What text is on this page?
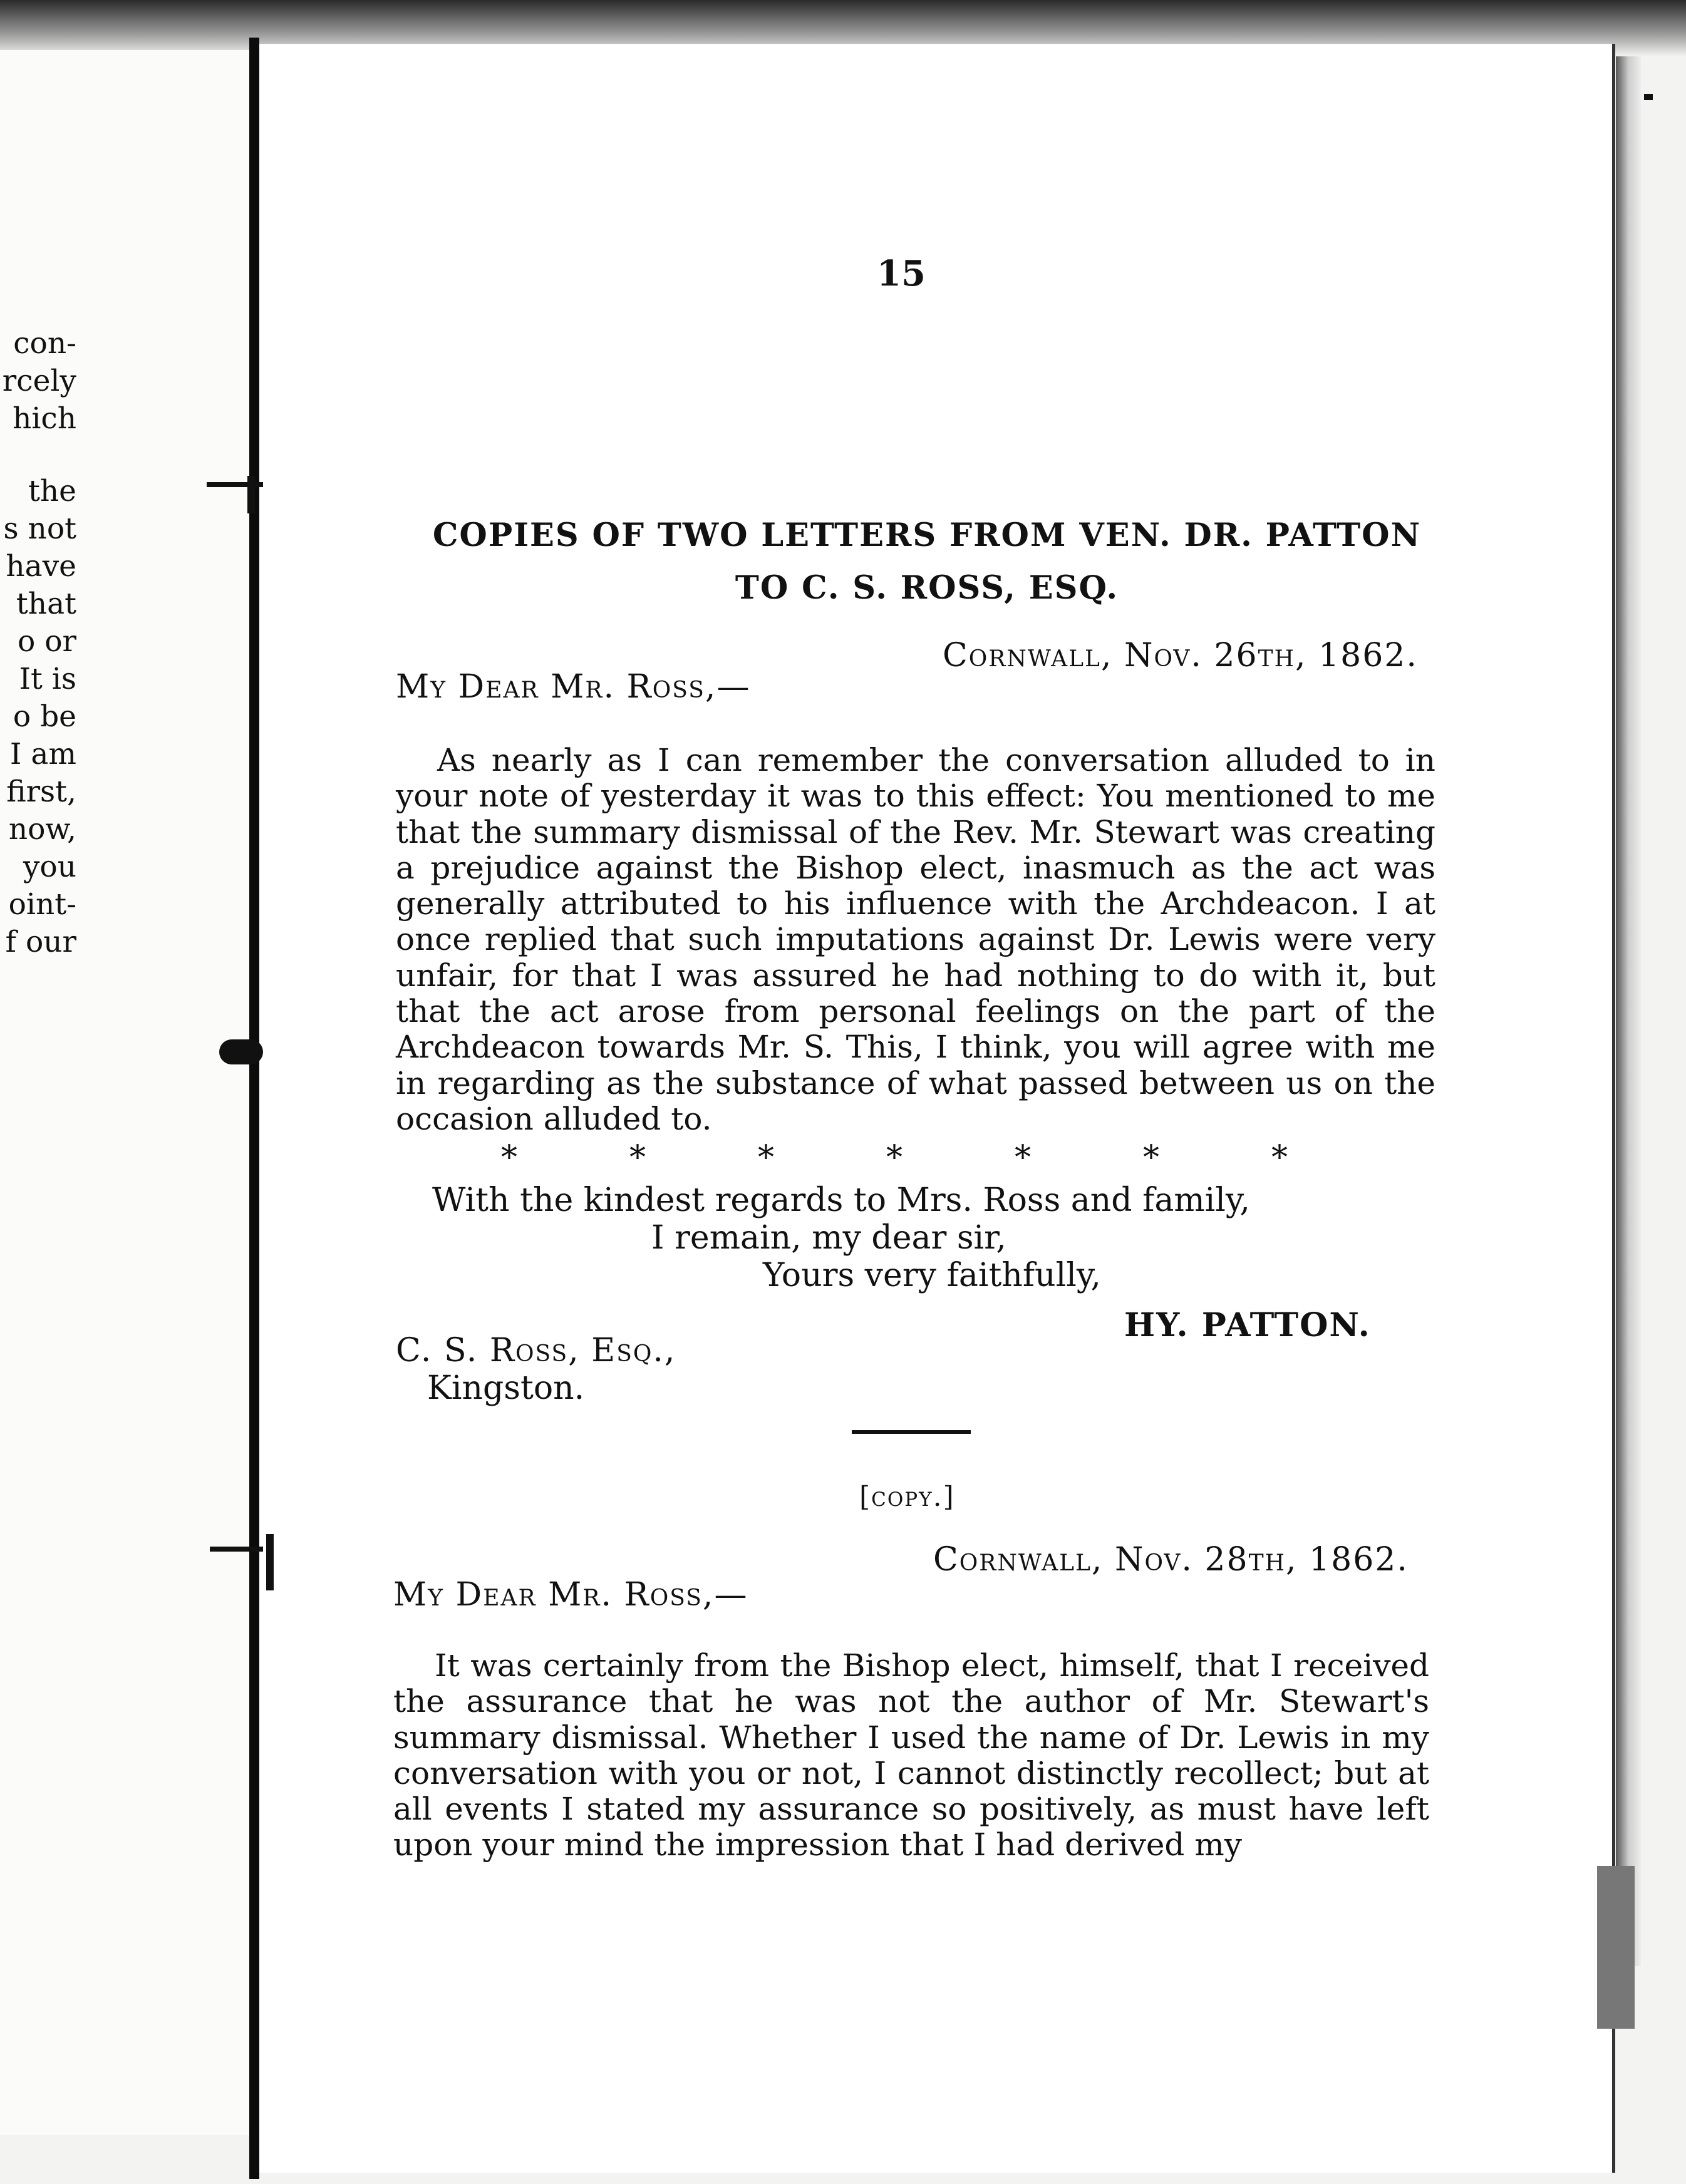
con-
rcely
hich
the
s not
have
that
o or
It is
o be
I am
first,
now,
you
oint-
f our
15
COPIES OF TWO LETTERS FROM VEN. DR. PATTON
TO C. S. ROSS, ESQ.
Cornwall, Nov. 26th, 1862.
My Dear Mr. Ross,—
As nearly as I can remember the conversation alluded to in your note of yesterday it was to this effect: You mentioned to me that the summary dismissal of the Rev. Mr. Stewart was creating a prejudice against the Bishop elect, inasmuch as the act was generally attributed to his influence with the Archdeacon. I at once replied that such imputations against Dr. Lewis were very unfair, for that I was assured he had nothing to do with it, but that the act arose from personal feelings on the part of the Archdeacon towards Mr. S. This, I think, you will agree with me in regarding as the substance of what passed between us on the occasion alluded to.
*	*	*	*	*	*	*
With the kindest regards to Mrs. Ross and family,
I remain, my dear sir,
Yours very faithfully,
HY. PATTON.
C. S. Ross, Esq.,
Kingston.
[copy.]
Cornwall, Nov. 28th, 1862.
My Dear Mr. Ross,—
It was certainly from the Bishop elect, himself, that I received the assurance that he was not the author of Mr. Stewart's summary dismissal. Whether I used the name of Dr. Lewis in my conversation with you or not, I cannot distinctly recollect; but at all events I stated my assurance so positively, as must have left upon your mind the impression that I had derived my
